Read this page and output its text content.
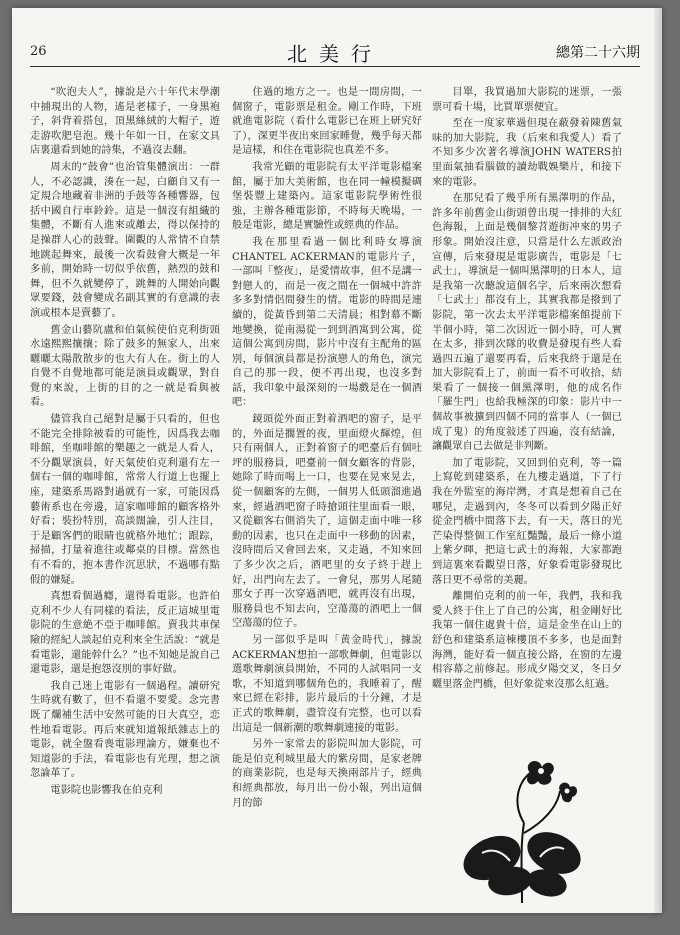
26	北美行	總第二十六期

“吹泡夫人”，據說是六十年代末學潮中捕現出的人物，遙是老樣子，一身黑袍子，斜背着搭包，頂黑絲絨的大帽子，遊走游吹肥皂泡。幾十年如一日，在家文具店裏還看到她的詩集，不過沒去翻。

周末的“鼓會”也治管集體演出：一群人，不必認識，湊在一起，白顧自又有一定規合地藏着非洲的手鼓等各種響器，包括中國自行車鈴鈴。這是一個沒有組織的集體，不斷有人進來或離去，得以保持的是操群人心的鼓聲。圍觀的人常情不自禁地跳起舞來，最後一次看鼓會大概是一年多前，開始時一切似乎依舊，熱烈的鼓和舞，但不久就變停了，跳舞的人開始向觀眾要錢，鼓會變成名副其實的有意識的表演或根本是賣藝了。

舊金山藝阬盧和伯氣候使伯克利街頭水遠熙熙攘攘；除了鼓多的無家人，出來曬曬太陽散散步的也大有人在。街上的人自覺不自覺地都可能是演員或觀眾，對自覺的來說，上街的目的之一就是看與被看。

儘管我自己絕對是屬于只看的，但也不能完全排除被看的可能性，因爲我去咖啡館，坐咖啡館的樂趣之一就是人看人，不分觀眾演員，好天氣使伯克利還有左一個右一個的咖啡館，常常人行道上也擺上座，建築系馬路對過就有一家，可能因爲藝術系也在旁邊，這家咖啡館的顧客格外好看；裝扮特別，高談闊論，引人注目，于是顧客們的眼睛也就格外地忙；跟踪，掃描，打量着進往或鄰桌的目標。當然也有不看的，抱本書作沉思狀，不過哪有點假的嫌疑。

真想看個過癮，還得看電影。也許伯克利不少人有同樣的看法，反正這城里電影院的生意絶不亞于咖啡館。賣我共車保險的經紀人談起伯克利來全生活說：“就是看電影，還能幹什么？”也不知她是說自己還電影，還是抱怨沒別的事好做。

我自己迷上電影有一個過程。讀研究生時就有數了，但不看還不要愛。念完書既了爛補生活中安然可能的日大真空，恋性地看電影。再后來就知道報紙雜志上的電影，就全盤看喪電影理論方，嫌棄也不知道影的手法，看電影也有光理，想之演忽論革了。

電影院也影響我在伯克利

住過的地方之一。也是一間房間，一個窗子，電影票是租金。剛工作時，下班就進電影院（看什么電影已在班上研究好了），深更半夜出來回家睡覺，幾乎每天都是這樣，和住在電影院也真差不多。

我常光顧的電影院有太平洋電影檔案館，屬于加大美術館，也在同一幢模擬碉堡裝豐上建築內。這家電影院學術性很強，主辦各種電影節，不時每天晚場，一般是電影，總是實驗性或經典的作品。

我在那里看過一個比利時女導演CHANTEL ACKERMAN的電影片子，一部叫「整夜」，是愛情故事，但不是講一對戀人的，而是一夜之間在一個城中許許多多對情侶間發生的情。電影的時間是連續的，從黃昏到第二天清晨；相對幕不斷地變換，從南湯從一到到酒寓到公寓，從這個公寓到房間，影片中沒有主配角的區別，每個演員都是扮演戀人的角色，演完自己的那一段，便不再出現，也沒多對話，我印象中最深刻的一場戲是在一個酒吧：

鏡頭從外面正對着酒吧的窗子，是平的，外面是擱置的夜，里面燈火輝煌，但只有兩個人，正對着窗子的吧臺后有個吐坪的服務員，吧臺前一個女顧客的背影，她除了時而喝上一口，也要在晃來晃去，從一個顧客的左側，一個男人低頭溜進過來，經過酒吧窗子時搶頭往里面看一眼，又從顧客右側消失了，這個走面中唯一移動的因素，也只在走面中一移動的因素，沒時間后又會回去來，又走過，不知來回了多少次之后，酒吧里的女子終于趕上好，出門向左去了。一會兒，那男人尾隨那女子再一次穿過酒吧，就再沒有出現，服務員也不知去向，空蕩蕩的酒吧上一個空蕩蕩的位子。

另一部似乎是叫「黄金時代」，據說ACKERMAN想拍一部歌舞劇，但電影以選歌舞劇演員開始，不同的人試唱同一支歌，不知道到哪個角色的，我睡着了，醒來已經在彩排，影片最后的十分鐘，才是正式的歌舞劇，盡管沒有完整，也可以看出這是一個新潮的歌舞劇連接的電影。

另外一家常去的影院叫加大影院，可能是伯克利城里最大的紫房間，是家老牌的商業影院，也是每天換兩部片子，經典和經典都放，每月出一份小報，列出這個月的節

目單，我買過加大影院的迷票，一張票可看十場，比買單票便宜。

至在一度家華過但現在蔽發着陳舊氣味的加大影院，我（后來和我愛人）看了不知多少次著名導演JOHN WATERS拍里面氣抽看腦做的讀劫戰娛樂片，和接下來的電影。

在那兒看了幾乎所有黑澤明的作品，許多年前舊金山街頭曾出現一排排的大紅色海報，上面是幾個黎苕遊街冲來的男子形象。開始沒注意，只當是什么左派政治宣傳，后來發現是電影廣告，電影是「七武士」，導演是一個叫黑澤明的日本人，這是我第一次聽說這個名字，后來兩次想看「七武士」都沒有上，其實我都是撥到了影院，第一次去太平洋電影檔案館提前下半個小時，第二次因近一個小時，可人實在太多，排到次隊的收費是發現有些人看過四五遍了還要再看，后來我終于還是在加大影院看上了，前面一看不可收拾，結果看了一個接一個黑澤明，他的成名作「羅生門」也給我極深的印象：影片中一個故事被擴到四個不同的當事人（一個已成了鬼）的角度敍述了四遍，沒有結論，讓觀眾自己去做是非判斷。

加了電影院，又回到伯克利，等一篇上寫乾到建築系，在九樓走過道，下了行我在外監室的海岸灣，才真是想着自己在哪兒，走過到內，冬冬可以看到夕陽正好從金門橋中間落下去，有一天，落日的光芒染得整個工作室紅豔豔，最后一條小道上紫夕暉，把這七武士的海報，大家都跑到這裏來看觀望日落，好象看電影發現比落日更不尋常的美麗。

離開伯克利的前一年，我們，我和我愛人終于住上了自己的公寓，租金剛好比我第一個住處貴十倍，這是金坐在山上的舒色和建築系這棟樓頂不多多，也是面對海灣，能好看一個直接公路，在窗的左邊相容幕之前修起。形成夕陽交叉，冬日夕曬里落金門橋，但好象從來沒那么紅過。
